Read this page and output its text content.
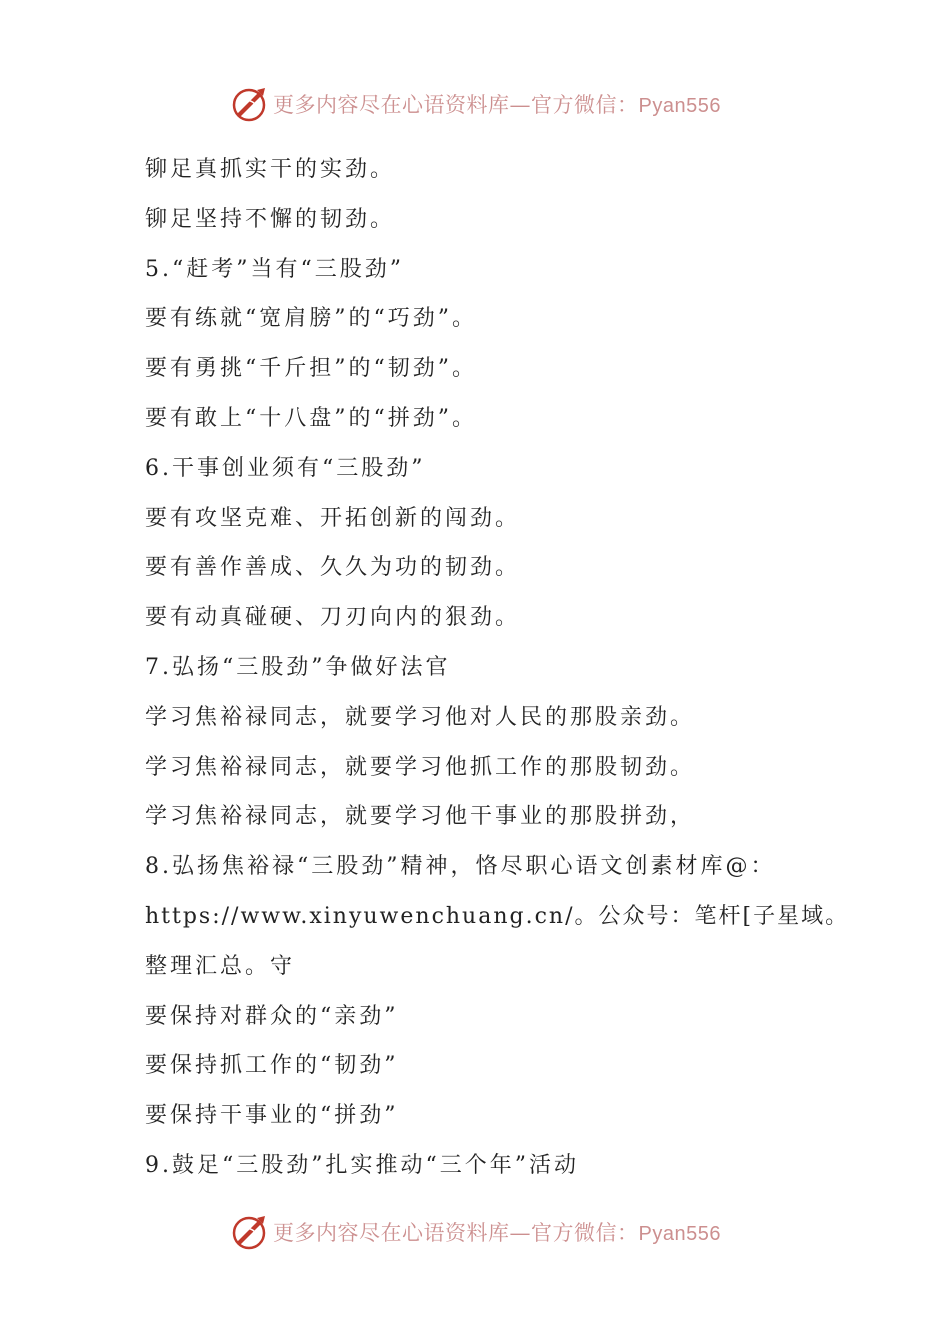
更多内容尽在心语资料库—官方微信：Pyan556
铆足真抓实干的实劲。
铆足坚持不懈的韧劲。
5.“赶考”当有“三股劲”
要有练就“宽肩膀”的“巧劲”。
要有勇挑“千斤担”的“韧劲”。
要有敢上“十八盘”的“拼劲”。
6.干事创业须有“三股劲”
要有攻坚克难、开拓创新的闯劲。
要有善作善成、久久为功的韧劲。
要有动真碰硬、刀刃向内的狠劲。
7.弘扬“三股劲”争做好法官
学习焦裕禄同志，就要学习他对人民的那股亲劲。
学习焦裕禄同志，就要学习他抓工作的那股韧劲。
学习焦裕禄同志，就要学习他干事业的那股拼劲，
8.弘扬焦裕禄“三股劲”精神，恪尽职心语文创素材库@：
https://www.xinyuwenchuang.cn/。公众号：笔杆[子星域。
整理汇总。守
要保持对群众的“亲劲”
要保持抓工作的“韧劲”
要保持干事业的“拼劲”
9.鼓足“三股劲”扎实推动“三个年”活动
更多内容尽在心语资料库—官方微信：Pyan556
